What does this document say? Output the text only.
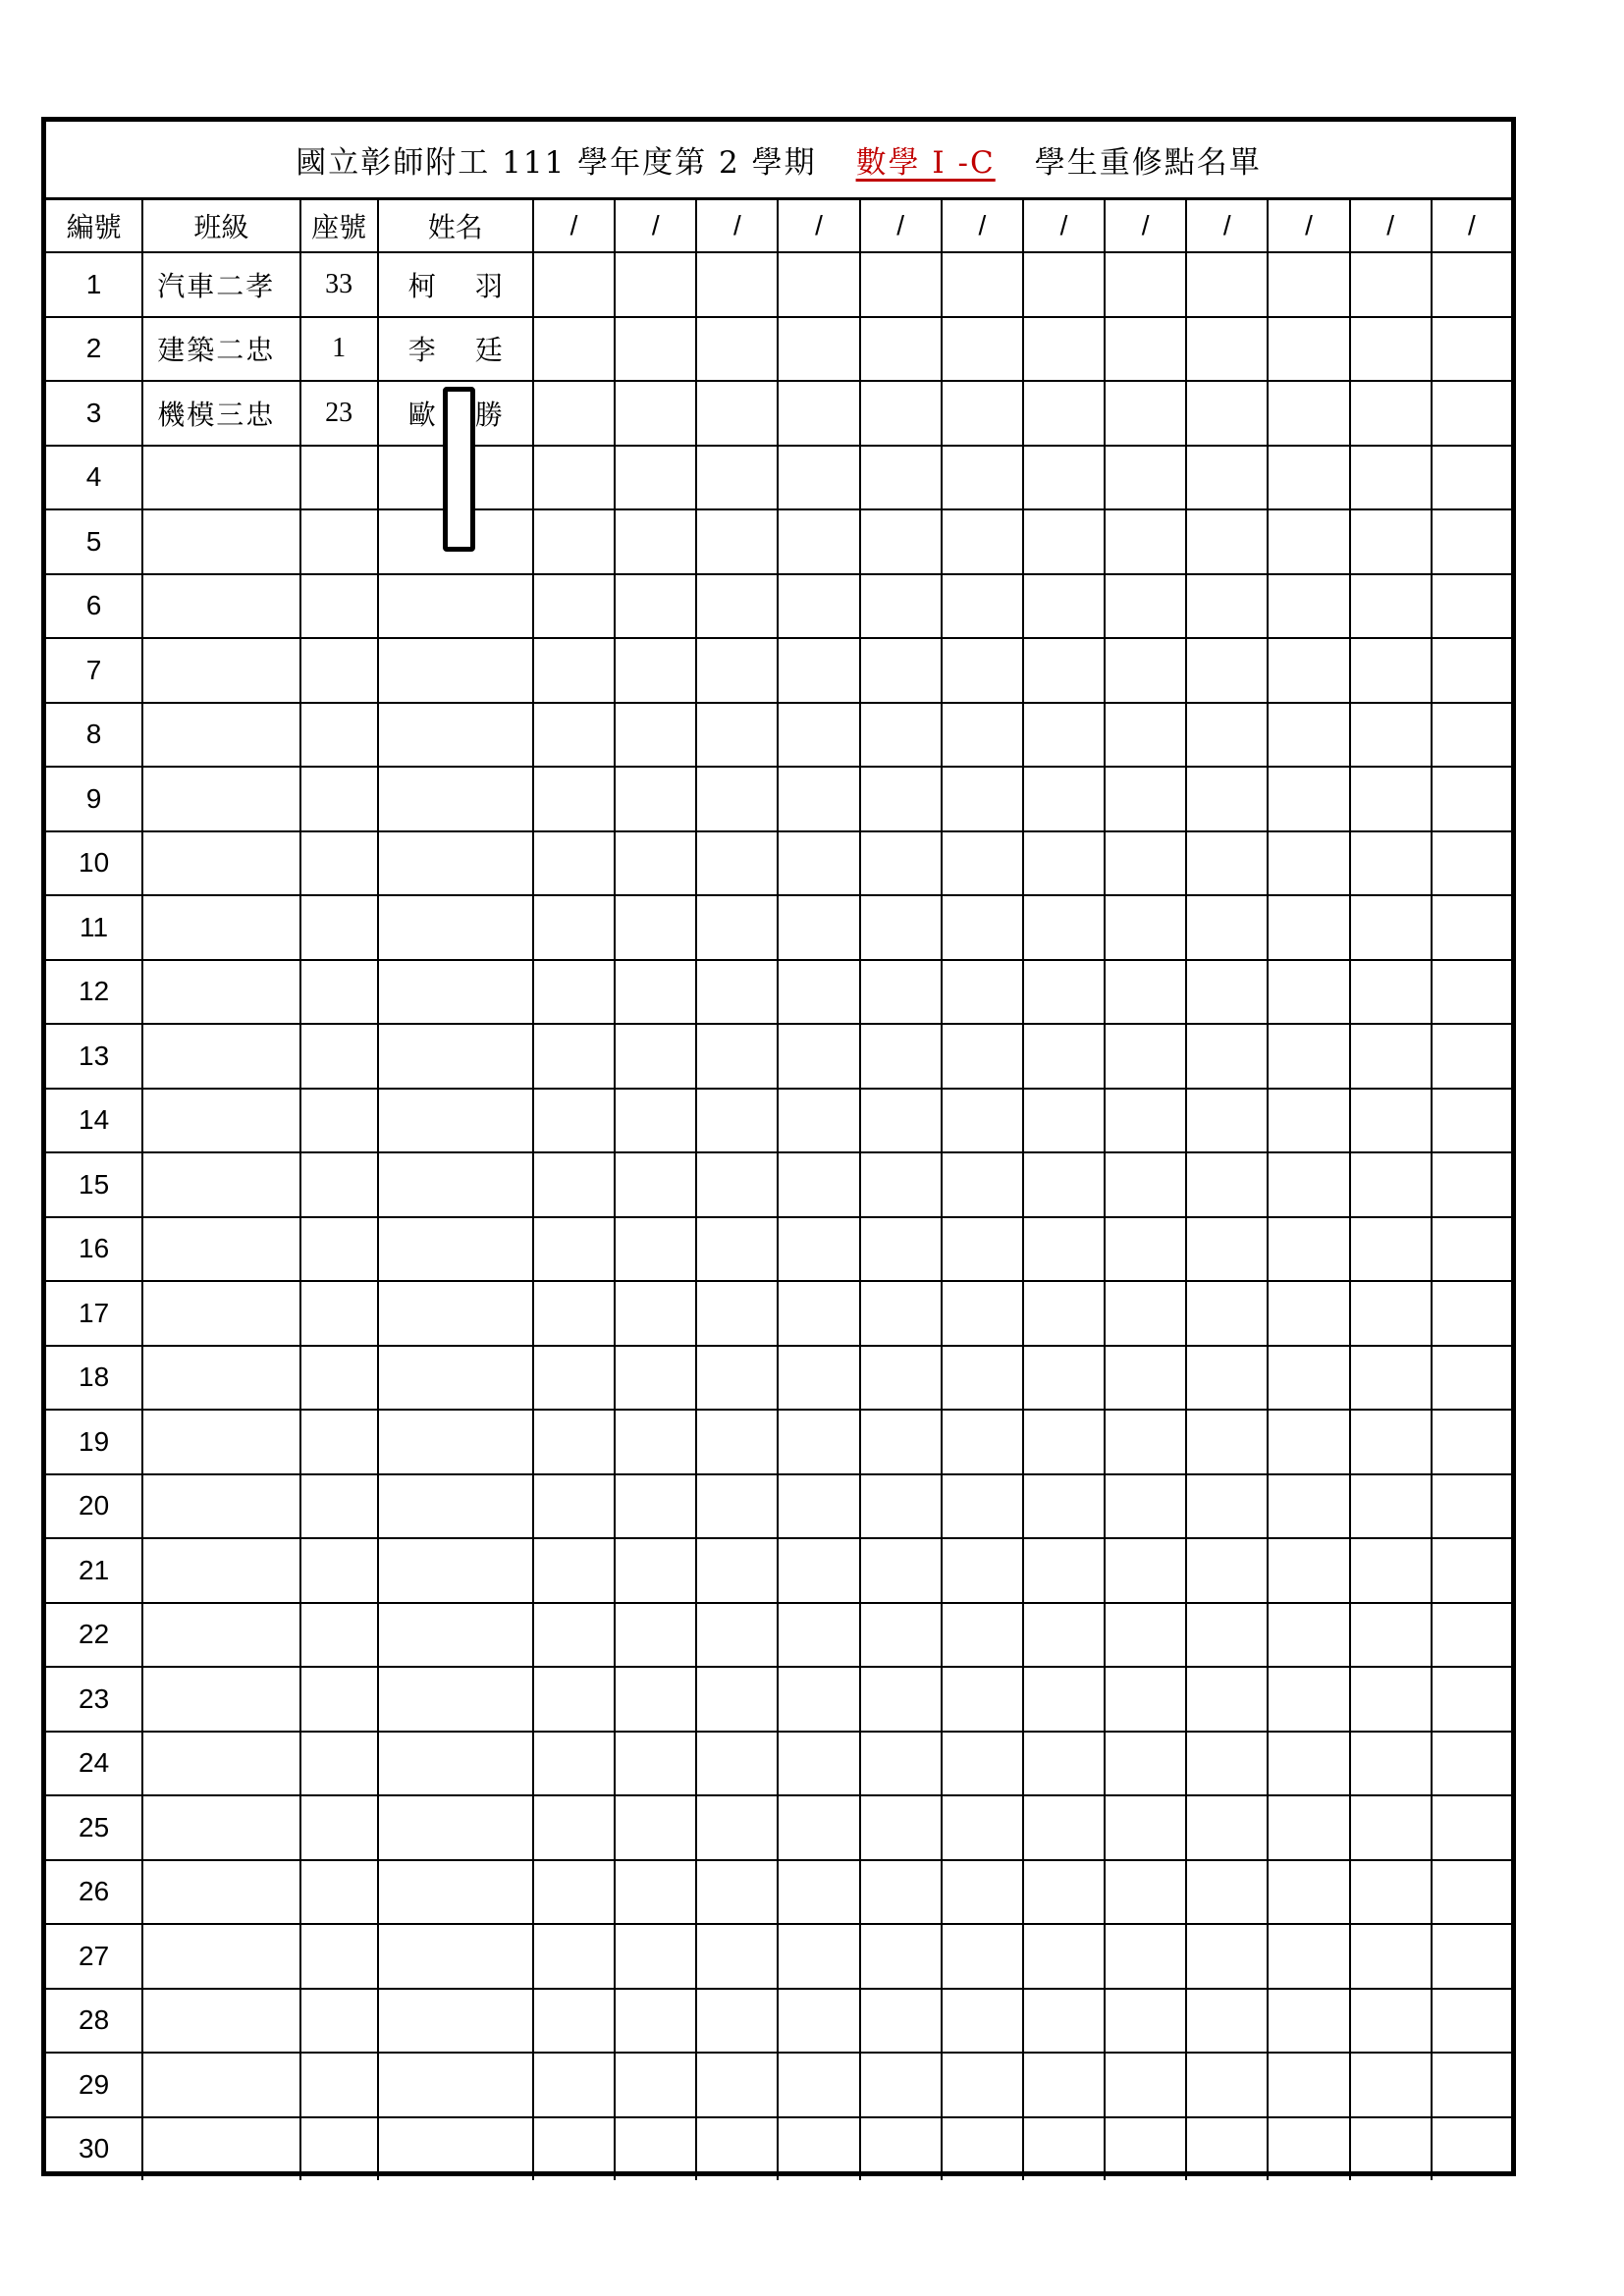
國立彰師附工 111 學年度第 2 學期 數學 I -C 學生重修點名單
編號	班級	座號	姓名	/	/	/	/	/	/	/	/	/	/	/	/
1	汽車二孝	33	柯 羽												

2	建築二忠	1	李 廷												

3	機模三忠	23	歐 勝												

4															
5															
6															
7															
8															
9															
10															
11															
12															
13															
14															
15															
16															
17															
18															
19															
20															
21															
22															
23															
24															
25															
26															
27															
28															
29															
30															
